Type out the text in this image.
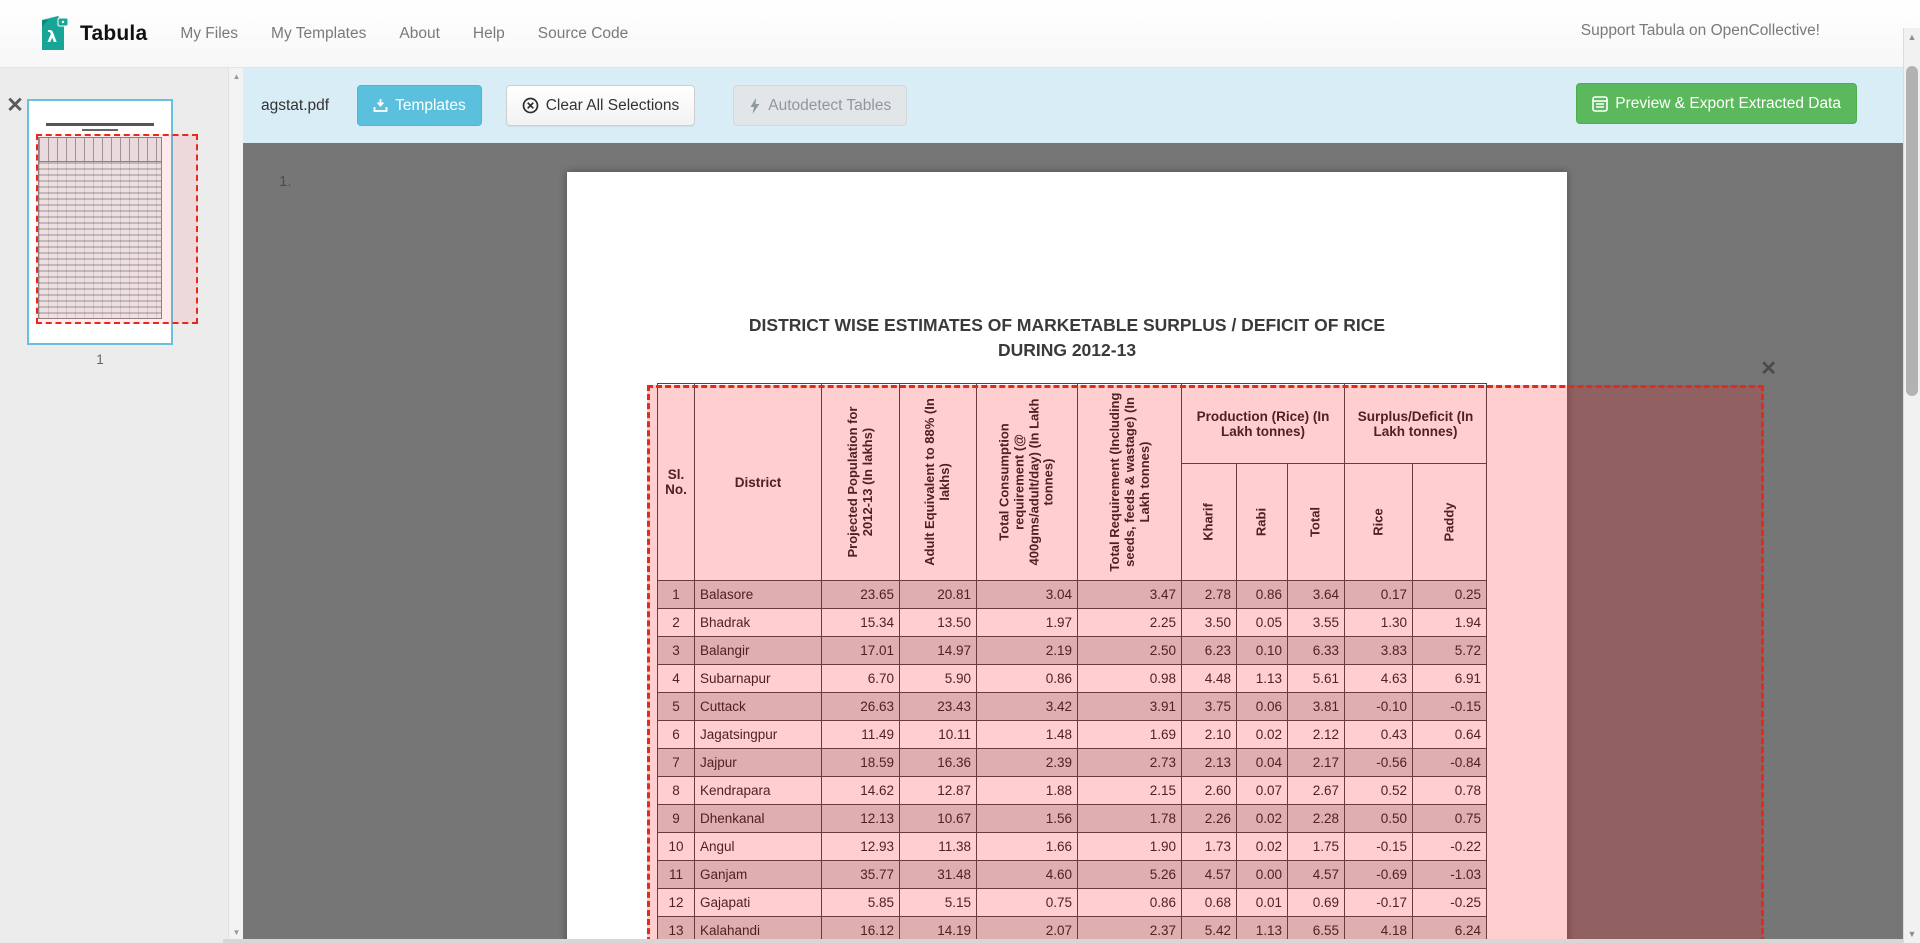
λ Tabula My Files My Templates About Help Source Code	Support Tabula on OpenCollective!
agstat.pdf	Templates	Clear All Selections	Autodetect Tables	Preview & Export Extracted Data
✕
1
▲
▼
1.
DISTRICT WISE ESTIMATES OF MARKETABLE SURPLUS / DEFICIT OF RICE
DURING 2012-13
Sl. No.	District	Projected Population for 2012-13 (In lakhs)	Adult Equivalent to 88% (In lakhs)	Total Consumption requirement (@ 400gms/adult/day) (In Lakh tonnes)	Total Requirement (Including seeds, feeds & wastage) (In Lakh tonnes)	Production (Rice) (In Lakh tonnes)			Surplus/Deficit (In Lakh tonnes)	

						Kharif	Rabi	Total	Rice	Paddy

1	Balasore	23.65	20.81	3.04	3.47	2.78	0.86	3.64	0.17	0.25
2	Bhadrak	15.34	13.50	1.97	2.25	3.50	0.05	3.55	1.30	1.94
3	Balangir	17.01	14.97	2.19	2.50	6.23	0.10	6.33	3.83	5.72
4	Subarnapur	6.70	5.90	0.86	0.98	4.48	1.13	5.61	4.63	6.91
5	Cuttack	26.63	23.43	3.42	3.91	3.75	0.06	3.81	-0.10	-0.15
6	Jagatsingpur	11.49	10.11	1.48	1.69	2.10	0.02	2.12	0.43	0.64
7	Jajpur	18.59	16.36	2.39	2.73	2.13	0.04	2.17	-0.56	-0.84
8	Kendrapara	14.62	12.87	1.88	2.15	2.60	0.07	2.67	0.52	0.78
9	Dhenkanal	12.13	10.67	1.56	1.78	2.26	0.02	2.28	0.50	0.75
10	Angul	12.93	11.38	1.66	1.90	1.73	0.02	1.75	-0.15	-0.22
11	Ganjam	35.77	31.48	4.60	5.26	4.57	0.00	4.57	-0.69	-1.03
12	Gajapati	5.85	5.15	0.75	0.86	0.68	0.01	0.69	-0.17	-0.25
13	Kalahandi	16.12	14.19	2.07	2.37	5.42	1.13	6.55	4.18	6.24
✕
▲
▼
